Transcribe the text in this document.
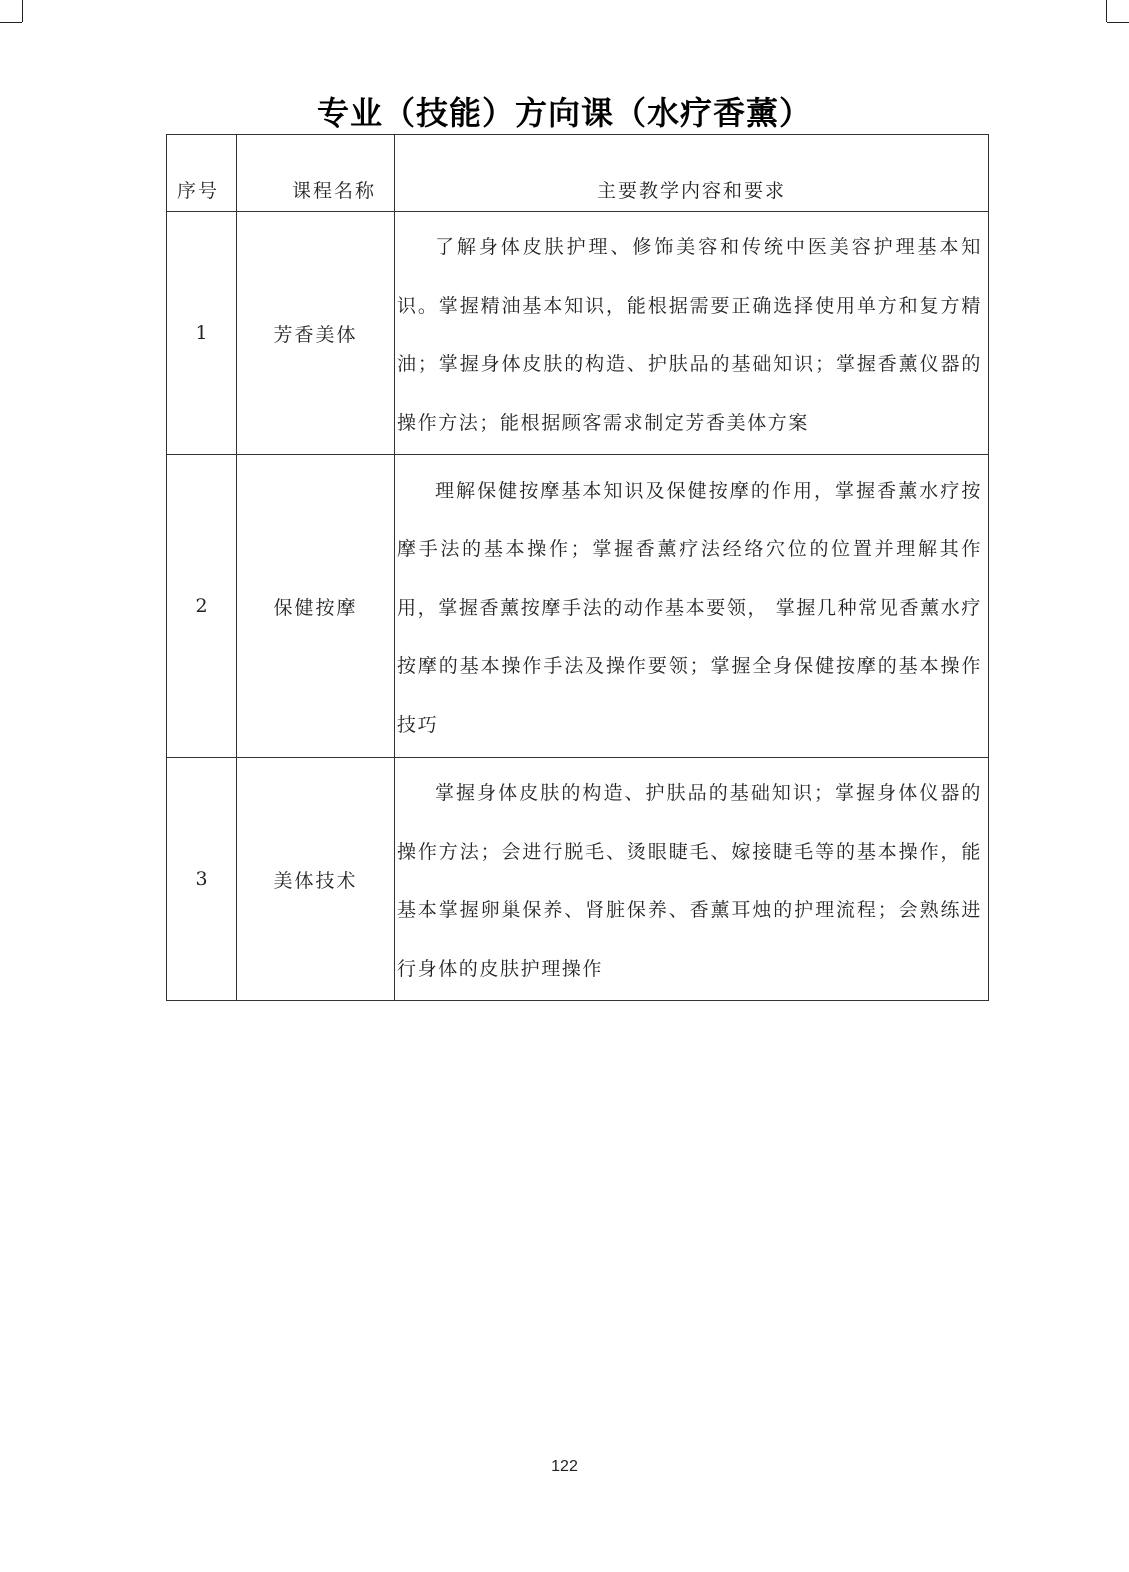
专业（技能）方向课（水疗香薰）
序号	课程名称	主要教学内容和要求
1	芳香美体	了解身体皮肤护理、修饰美容和传统中医美容护理基本知识。掌握精油基本知识，能根据需要正确选择使用单方和复方精油；掌握身体皮肤的构造、护肤品的基础知识；掌握香薰仪器的操作方法；能根据顾客需求制定芳香美体方案

2	保健按摩	理解保健按摩基本知识及保健按摩的作用，掌握香薰水疗按摩手法的基本操作；掌握香薰疗法经络穴位的位置并理解其作用，掌握香薰按摩手法的动作基本要领， 掌握几种常见香薰水疗按摩的基本操作手法及操作要领；掌握全身保健按摩的基本操作技巧

3	美体技术	掌握身体皮肤的构造、护肤品的基础知识；掌握身体仪器的操作方法；会进行脱毛、烫眼睫毛、嫁接睫毛等的基本操作，能基本掌握卵巢保养、肾脏保养、香薰耳烛的护理流程；会熟练进行身体的皮肤护理操作
122
